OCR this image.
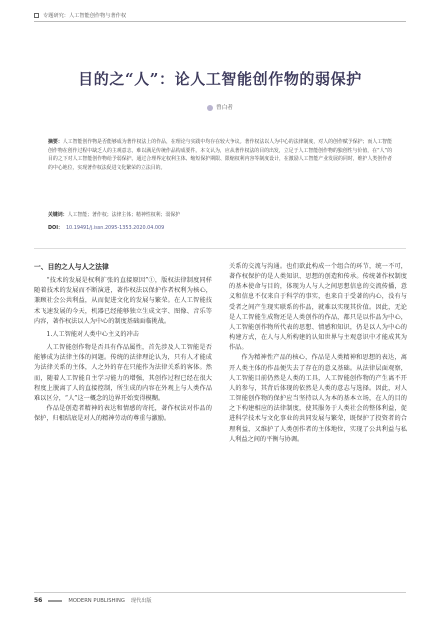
专题研究：人工智能创作物与著作权
目的之“人”：论人工智能创作物的弱保护
曾白者
摘要：人工智能创作物是否能够成为著作权法上的作品，在理论与实践中均存在较大争议。著作权法以人为中心的法律制度，对人的创作赋予保护；而人工智能创作物在创作过程中缺乏人的主观意志，难以满足传统作品构成要件。本文认为，应从著作权法的目的出发，立足于人工智能创作物的独创性与价值，在“人”的目的之下对人工智能创作物给予弱保护。通过合理界定权利主体、缩短保护期限、限缩权利内容等制度设计，在激励人工智能产业发展的同时，维护人类创作者的中心地位，实现著作权法促进文化繁荣的立法目的。
关键词：人工智能；著作权；法律主体；精神性权利；弱保护
DOI： 10.19491/j.issn.2095-1353.2020.04.009

一、目的之人与人之法律

“技术的发展是权利扩张的直接原因”①，版权法律制度同样随着技术的发展而不断演进，著作权法以保护作者权利为核心，兼顾社会公共利益，从而促进文化的发展与繁荣。在人工智能技术飞速发展的今天，机器已经能够独立生成文字、图像、音乐等内容，著作权法以人为中心的制度基础面临挑战。

1.人工智能对人类中心主义的冲击

人工智能创作物是否具有作品属性，首先涉及人工智能是否能够成为法律主体的问题。传统的法律理论认为，只有人才能成为法律关系的主体，人之外的存在只能作为法律关系的客体。然而，随着人工智能自主学习能力的增强，其创作过程已经在很大程度上脱离了人的直接控制，所生成的内容在外观上与人类作品难以区分，“人”这一概念的边界开始变得模糊。

作品是创造者精神的表达和情感的寄托，著作权法对作品的保护，归根结底是对人的精神劳动的尊重与激励。

关系的交流与沟通。也们欲此构成一个组合的环节，统一不可，著作权保护的是人类知识、思想的创造和传承。传统著作权制度的基本使命与目的，体现为人与人之间思想信息的交流传播，意义和信息不仅来自于科学的事实，也来自于受著的内心，没有与受者之间产生现实联系的作品，就难以实现其价值。因此，无论是人工智能生成物还是人类创作的作品，都只是以作品为中心，人工智能创作物所代表的思想、情感和知识，仍是以人为中心的构建方式，在人与人所构建的认知世界与主观意识中才能成其为作品。

作为精神性产品的核心，作品是人类精神和思想的表达，离开人类主体的作品便失去了存在的意义基础。从法律层面观察，人工智能目前仍然是人类的工具，人工智能创作物的产生离不开人的参与，其背后体现的依然是人类的意志与选择。因此，对人工智能创作物的保护应当坚持以人为本的基本立场，在人的目的之下构建相应的法律制度，使其服务于人类社会的整体利益，促进科学技术与文化事业的共同发展与繁荣，既保护了投资者的合理利益，又维护了人类创作者的主体地位，实现了公共利益与私人利益之间的平衡与协调。

56	MODERN PUBLISHING 现代出版
